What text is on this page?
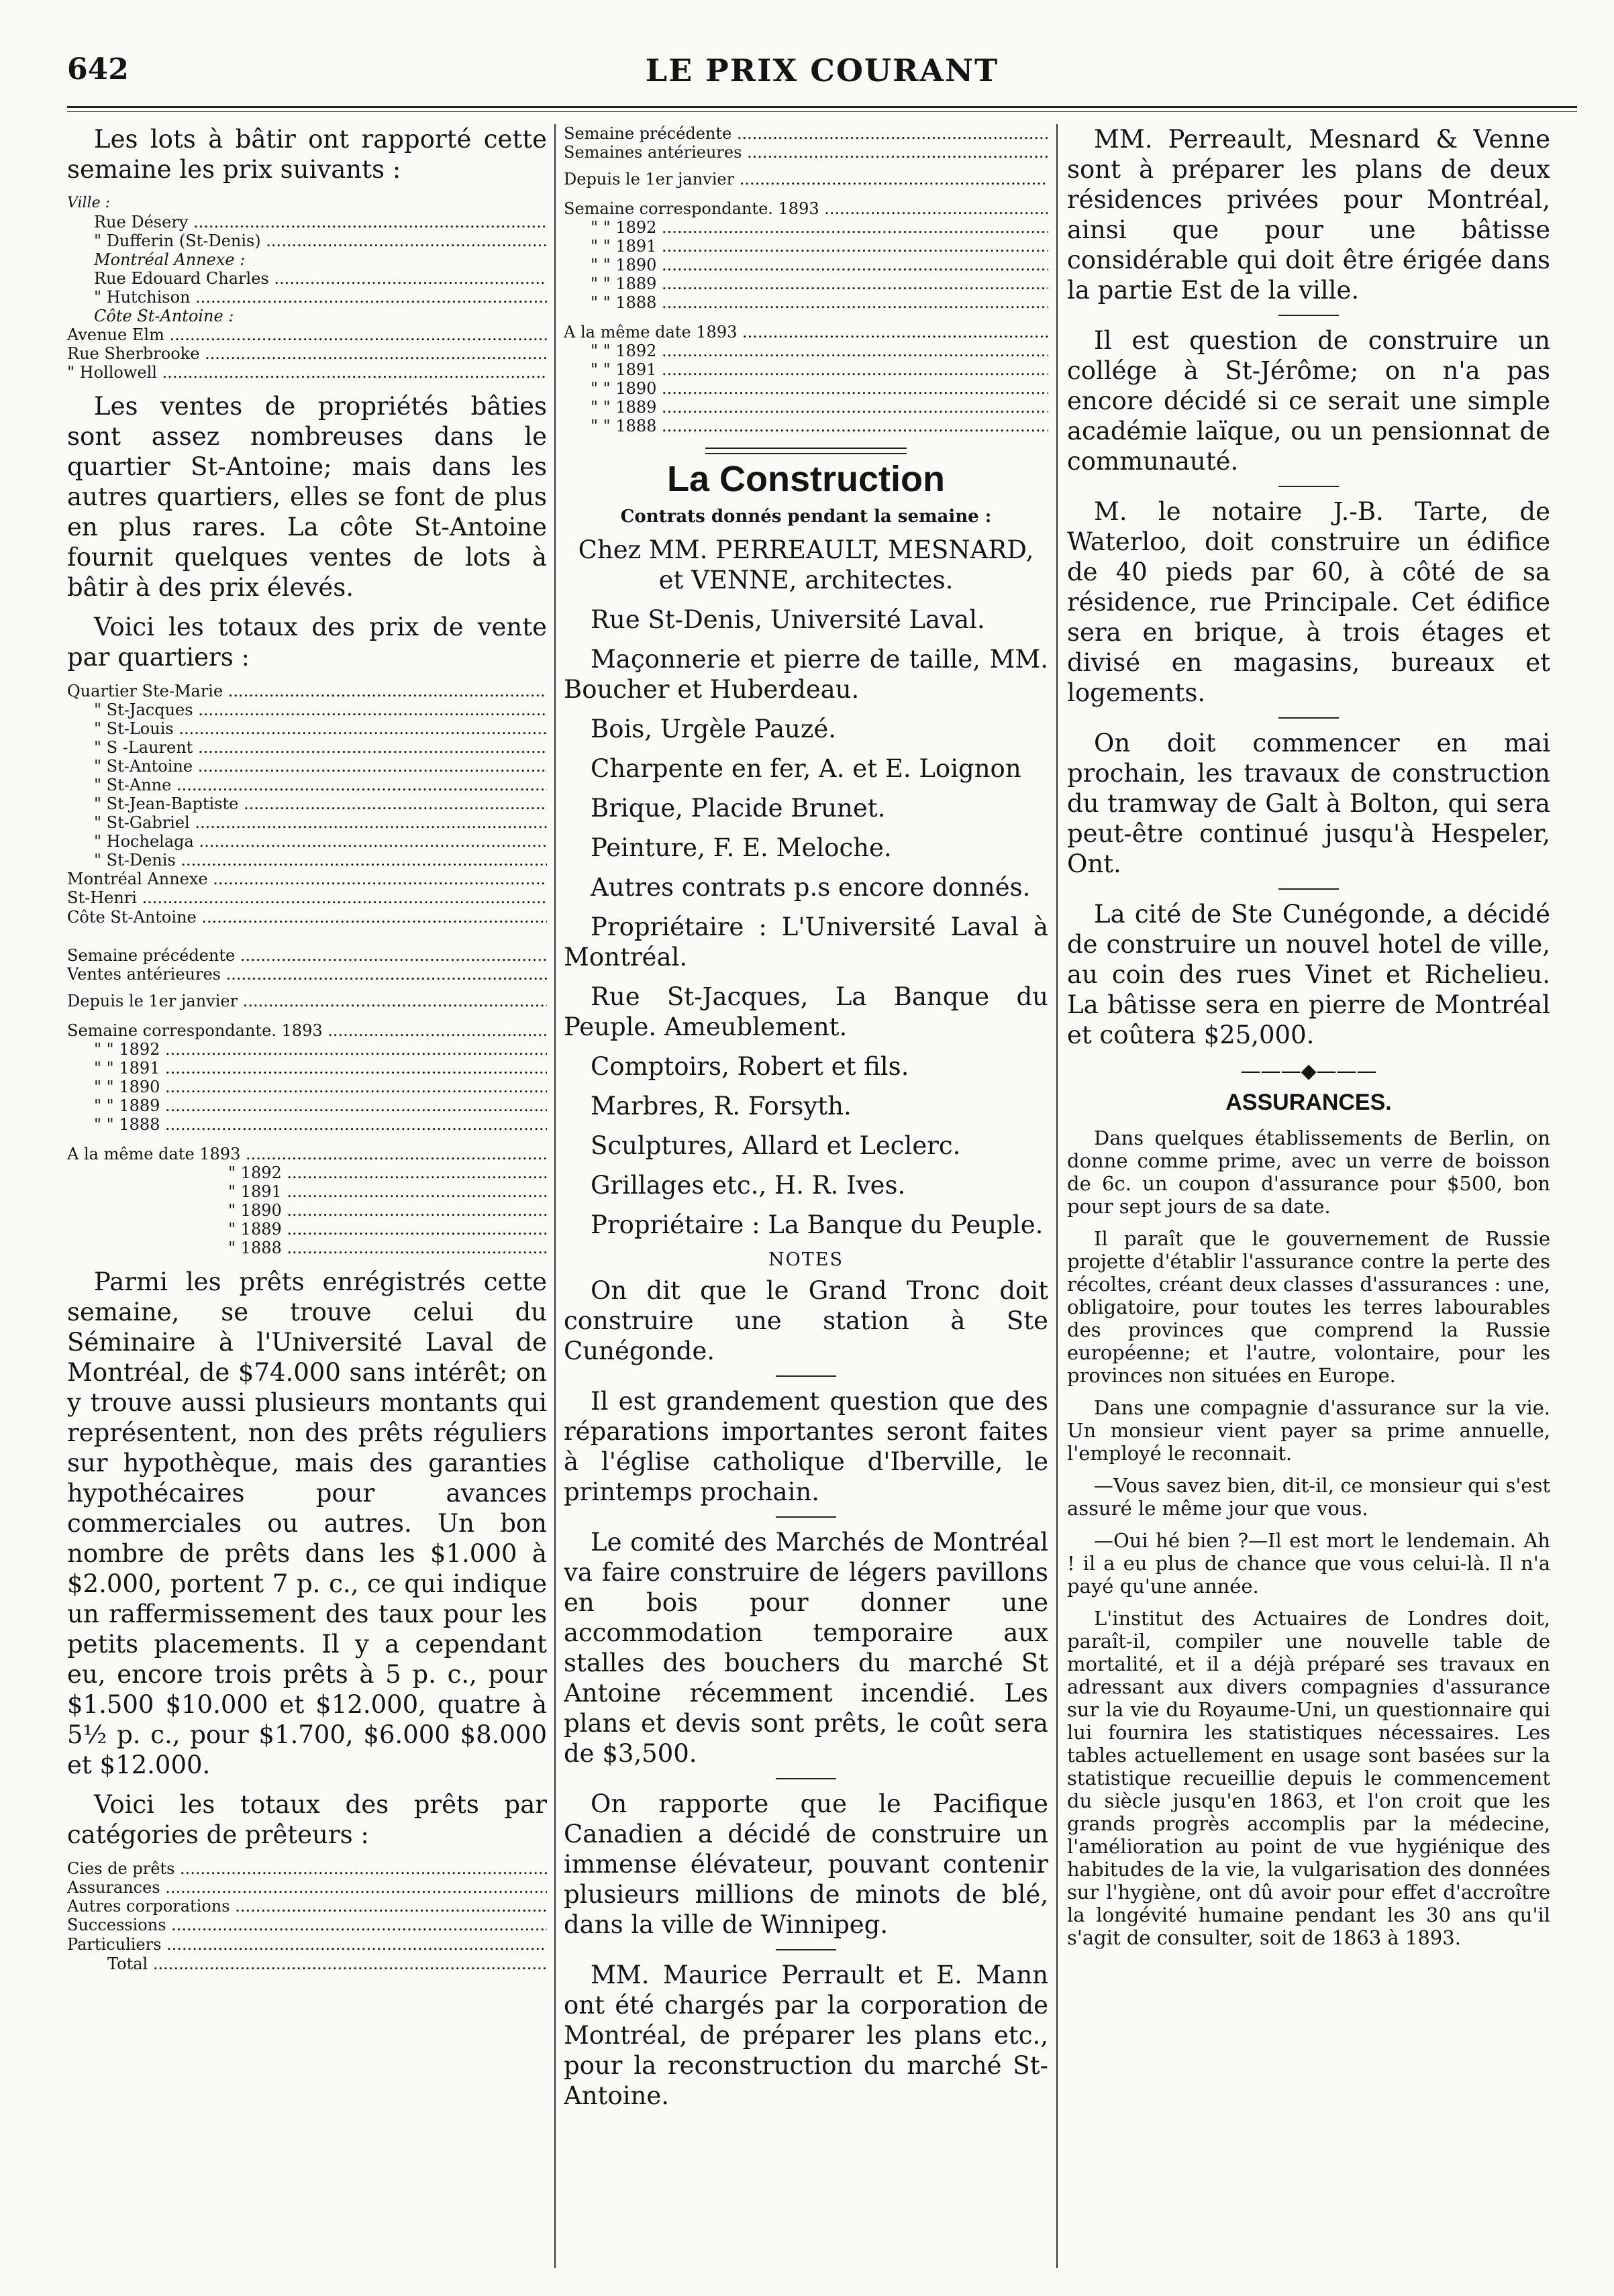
642	LE PRIX COURANT

Les lots à bâtir ont rapporté cette semaine les prix suivants :

Ville :	
Rue Désery .....	
" Dufferin (St-Denis) .....	
Montréal Annexe :	
Rue Edouard Charles .....	
" Hutchison .....	
Côte St-Antoine :	
Avenue Elm .....	
Rue Sherbrooke .....	
" Hollowell .....	

Les ventes de propriétés bâties sont assez nombreuses dans le quartier St-Antoine; mais dans les autres quartiers, elles se font de plus en plus rares. La côte St-Antoine fournit quelques ventes de lots à bâtir à des prix élevés.

Voici les totaux des prix de vente par quartiers :

Quartier Ste-Marie .....	
" St-Jacques .....	
" St-Louis .....	
" S -Laurent .....	
" St-Antoine .....	
" St-Anne .....	
" St-Jean-Baptiste .....	
" St-Gabriel .....	
" Hochelaga .....	
" St-Denis .....	
Montréal Annexe .....	
St-Henri .....	
Côte St-Antoine .....	

Semaine précédente .....	
Ventes antérieures .....	
Depuis le 1er janvier .....	
Semaine correspondante. 1893 .....	
" " 1892 .....	
" " 1891 .....	
" " 1890 .....	
" " 1889 .....	
" " 1888 .....	
A la même date 1893 .....	
" 1892 .....	
" 1891 .....	
" 1890 .....	
" 1889 .....	
" 1888 .....	

Parmi les prêts enrégistrés cette semaine, se trouve celui du Séminaire à l'Université Laval de Montréal, de $74.000 sans intérêt; on y trouve aussi plusieurs montants qui représentent, non des prêts réguliers sur hypothèque, mais des garanties hypothécaires pour avances commerciales ou autres. Un bon nombre de prêts dans les $1.000 à $2.000, portent 7 p. c., ce qui indique un raffermissement des taux pour les petits placements. Il y a cependant eu, encore trois prêts à 5 p. c., pour $1.500 $10.000 et $12.000, quatre à 5½ p. c., pour $1.700, $6.000 $8.000 et $12.000.

Voici les totaux des prêts par catégories de prêteurs :

Cies de prêts .....	
Assurances .....	
Autres corporations .....	
Successions .....	
Particuliers .....	
Total .....	
Semaine précédente .....	
Semaines antérieures .....	
Depuis le 1er janvier .....	
Semaine correspondante. 1893 .....	
" " 1892 .....	
" " 1891 .....	
" " 1890 .....	
" " 1889 .....	
" " 1888 .....	
A la même date 1893 .....	
" " 1892 .....	
" " 1891 .....	
" " 1890 .....	
" " 1889 .....	
" " 1888 .....	
La Construction
Contrats donnés pendant la semaine :

Chez MM. PERREAULT, MESNARD, et VENNE, architectes.

Rue St-Denis, Université Laval.

Maçonnerie et pierre de taille, MM. Boucher et Huberdeau.

Bois, Urgèle Pauzé.

Charpente en fer, A. et E. Loignon

Brique, Placide Brunet.

Peinture, F. E. Meloche.

Autres contrats p.s encore donnés.

Propriétaire : L'Université Laval à Montréal.

Rue St-Jacques, La Banque du Peuple. Ameublement.

Comptoirs, Robert et fils.

Marbres, R. Forsyth.

Sculptures, Allard et Leclerc.

Grillages etc., H. R. Ives.

Propriétaire : La Banque du Peuple.

NOTES

On dit que le Grand Tronc doit construire une station à Ste Cunégonde.

Il est grandement question que des réparations importantes seront faites à l'église catholique d'Iberville, le printemps prochain.

Le comité des Marchés de Montréal va faire construire de légers pavillons en bois pour donner une accommodation temporaire aux stalles des bouchers du marché St Antoine récemment incendié. Les plans et devis sont prêts, le coût sera de $3,500.

On rapporte que le Pacifique Canadien a décidé de construire un immense élévateur, pouvant contenir plusieurs millions de minots de blé, dans la ville de Winnipeg.

MM. Maurice Perrault et E. Mann ont été chargés par la corporation de Montréal, de préparer les plans etc., pour la reconstruction du marché St-Antoine.

MM. Perreault, Mesnard & Venne sont à préparer les plans de deux résidences privées pour Montréal, ainsi que pour une bâtisse considérable qui doit être érigée dans la partie Est de la ville.

Il est question de construire un collége à St-Jérôme; on n'a pas encore décidé si ce serait une simple académie laïque, ou un pensionnat de communauté.

M. le notaire J.-B. Tarte, de Waterloo, doit construire un édifice de 40 pieds par 60, à côté de sa résidence, rue Principale. Cet édifice sera en brique, à trois étages et divisé en magasins, bureaux et logements.

On doit commencer en mai prochain, les travaux de construction du tramway de Galt à Bolton, qui sera peut-être continué jusqu'à Hespeler, Ont.

La cité de Ste Cunégonde, a décidé de construire un nouvel hotel de ville, au coin des rues Vinet et Richelieu. La bâtisse sera en pierre de Montréal et coûtera $25,000.

———◆———
ASSURANCES.

Dans quelques établissements de Berlin, on donne comme prime, avec un verre de boisson de 6c. un coupon d'assurance pour $500, bon pour sept jours de sa date.

Il paraît que le gouvernement de Russie projette d'établir l'assurance contre la perte des récoltes, créant deux classes d'assurances : une, obligatoire, pour toutes les terres labourables des provinces que comprend la Russie européenne; et l'autre, volontaire, pour les provinces non situées en Europe.

Dans une compagnie d'assurance sur la vie. Un monsieur vient payer sa prime annuelle, l'employé le reconnait.

—Vous savez bien, dit-il, ce monsieur qui s'est assuré le même jour que vous.

—Oui hé bien ?—Il est mort le lendemain. Ah ! il a eu plus de chance que vous celui-là. Il n'a payé qu'une année.

L'institut des Actuaires de Londres doit, paraît-il, compiler une nouvelle table de mortalité, et il a déjà préparé ses travaux en adressant aux divers compagnies d'assurance sur la vie du Royaume-Uni, un questionnaire qui lui fournira les statistiques nécessaires. Les tables actuellement en usage sont basées sur la statistique recueillie depuis le commencement du siècle jusqu'en 1863, et l'on croit que les grands progrès accomplis par la médecine, l'amélioration au point de vue hygiénique des habitudes de la vie, la vulgarisation des données sur l'hygiène, ont dû avoir pour effet d'accroître la longévité humaine pendant les 30 ans qu'il s'agit de consulter, soit de 1863 à 1893.
